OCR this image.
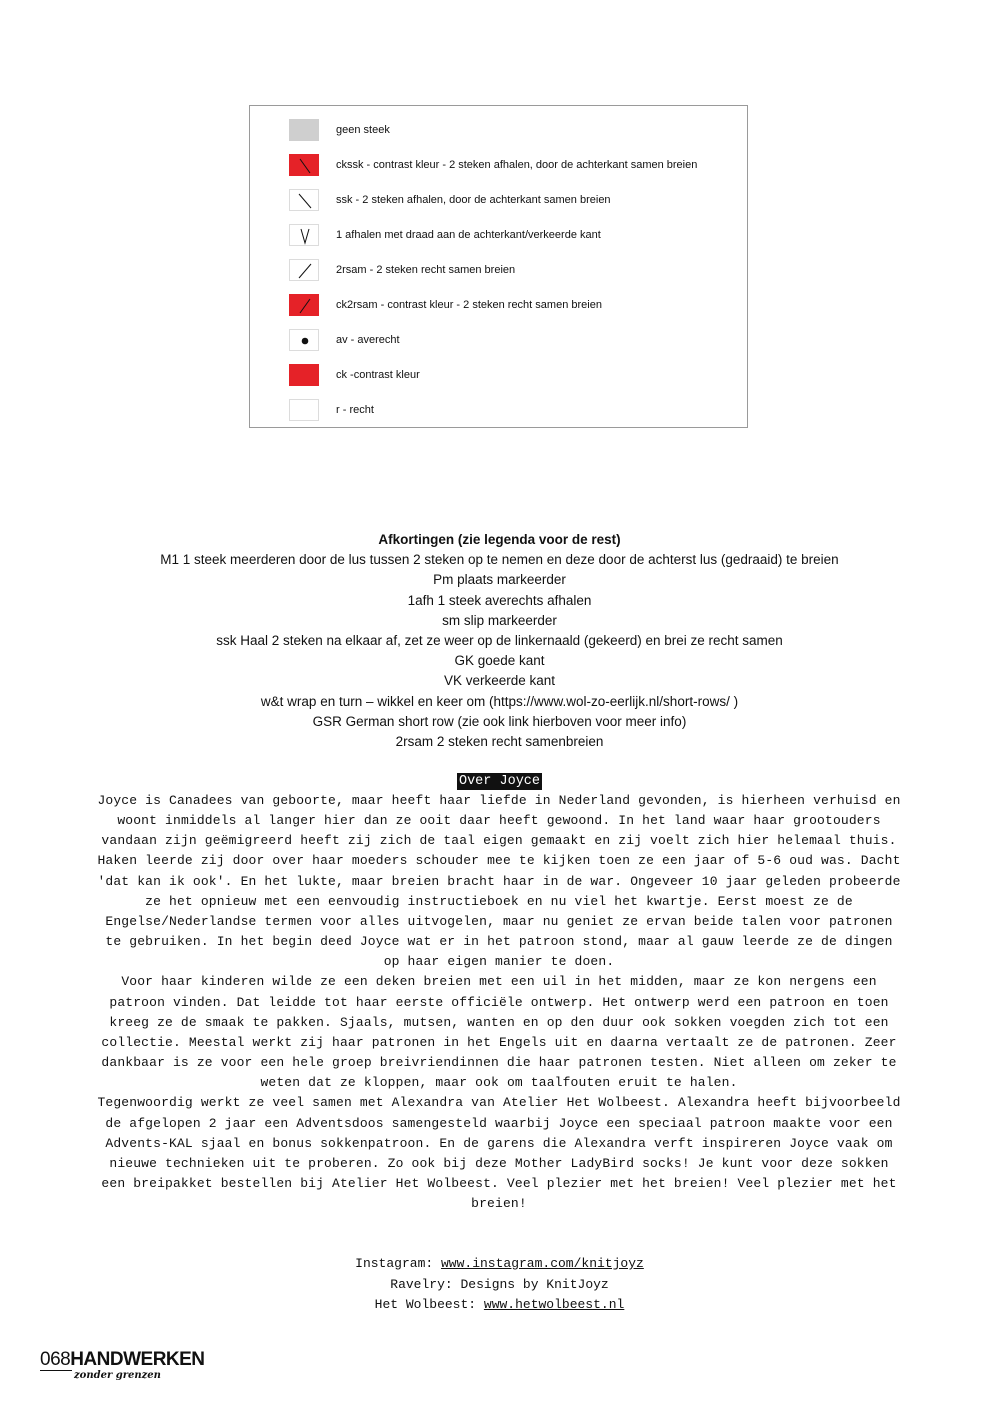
geen steek
ckssk - contrast kleur - 2 steken afhalen, door de achterkant samen breien
ssk - 2 steken afhalen, door de achterkant samen breien
1 afhalen met draad aan de achterkant/verkeerde kant
2rsam - 2 steken recht samen breien
ck2rsam - contrast kleur - 2 steken recht samen breien
av - averecht
ck -contrast kleur
r - recht
Afkortingen (zie legenda voor de rest)
M1 1 steek meerderen door de lus tussen 2 steken op te nemen en deze door de achterst lus (gedraaid) te breien
Pm plaats markeerder
1afh 1 steek averechts afhalen
sm slip markeerder
ssk Haal 2 steken na elkaar af, zet ze weer op de linkernaald (gekeerd) en brei ze recht samen
GK goede kant
VK verkeerde kant
w&t wrap en turn – wikkel en keer om (https://www.wol-zo-eerlijk.nl/short-rows/ )
GSR German short row (zie ook link hierboven voor meer info)
2rsam 2 steken recht samenbreien
Over Joyce

Joyce is Canadees van geboorte, maar heeft haar liefde in Nederland gevonden, is hierheen verhuisd en woont inmiddels al langer hier dan ze ooit daar heeft gewoond. In het land waar haar grootouders vandaan zijn geëmigreerd heeft zij zich de taal eigen gemaakt en zij voelt zich hier helemaal thuis.

Haken leerde zij door over haar moeders schouder mee te kijken toen ze een jaar of 5-6 oud was. Dacht 'dat kan ik ook'. En het lukte, maar breien bracht haar in de war. Ongeveer 10 jaar geleden probeerde ze het opnieuw met een eenvoudig instructieboek en nu viel het kwartje. Eerst moest ze de Engelse/Nederlandse termen voor alles uitvogelen, maar nu geniet ze ervan beide talen voor patronen te gebruiken. In het begin deed Joyce wat er in het patroon stond, maar al gauw leerde ze de dingen op haar eigen manier te doen.

Voor haar kinderen wilde ze een deken breien met een uil in het midden, maar ze kon nergens een patroon vinden. Dat leidde tot haar eerste officiële ontwerp. Het ontwerp werd een patroon en toen kreeg ze de smaak te pakken. Sjaals, mutsen, wanten en op den duur ook sokken voegden zich tot een collectie. Meestal werkt zij haar patronen in het Engels uit en daarna vertaalt ze de patronen. Zeer dankbaar is ze voor een hele groep breivriendinnen die haar patronen testen. Niet alleen om zeker te weten dat ze kloppen, maar ook om taalfouten eruit te halen.

Tegenwoordig werkt ze veel samen met Alexandra van Atelier Het Wolbeest. Alexandra heeft bijvoorbeeld de afgelopen 2 jaar een Adventsdoos samengesteld waarbij Joyce een speciaal patroon maakte voor een Advents-KAL sjaal en bonus sokkenpatroon. En de garens die Alexandra verft inspireren Joyce vaak om nieuwe technieken uit te proberen. Zo ook bij deze Mother LadyBird socks! Je kunt voor deze sokken een breipakket bestellen bij Atelier Het Wolbeest. Veel plezier met het breien! Veel plezier met het breien!

Instagram: www.instagram.com/knitjoyz
Ravelry: Designs by KnitJoyz
Het Wolbeest: www.hetwolbeest.nl
068HANDWERKEN
zonder grenzen
